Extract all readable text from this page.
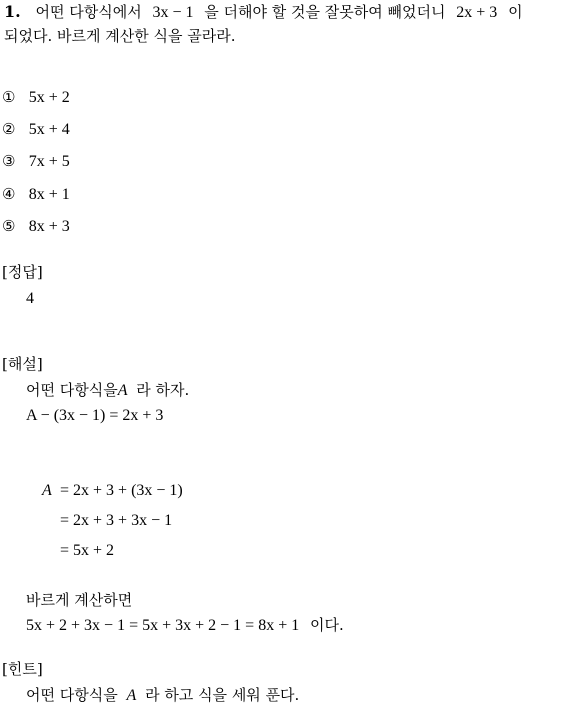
1. 어떤 다항식에서 3x − 1 을 더해야 할 것을 잘못하여 빼었더니 2x + 3 이
되었다. 바르게 계산한 식을 골라라.
① 5x + 2
② 5x + 4
③ 7x + 5
④ 8x + 1
⑤ 8x + 3
[정답]
4
[해설]
어떤 다항식을A 라 하자.
A − (3x − 1) = 2x + 3
A = 2x + 3 + (3x − 1)
= 2x + 3 + 3x − 1
= 5x + 2
바르게 계산하면
5x + 2 + 3x − 1 = 5x + 3x + 2 − 1 = 8x + 1 이다.
[힌트]
어떤 다항식을 A 라 하고 식을 세워 푼다.
